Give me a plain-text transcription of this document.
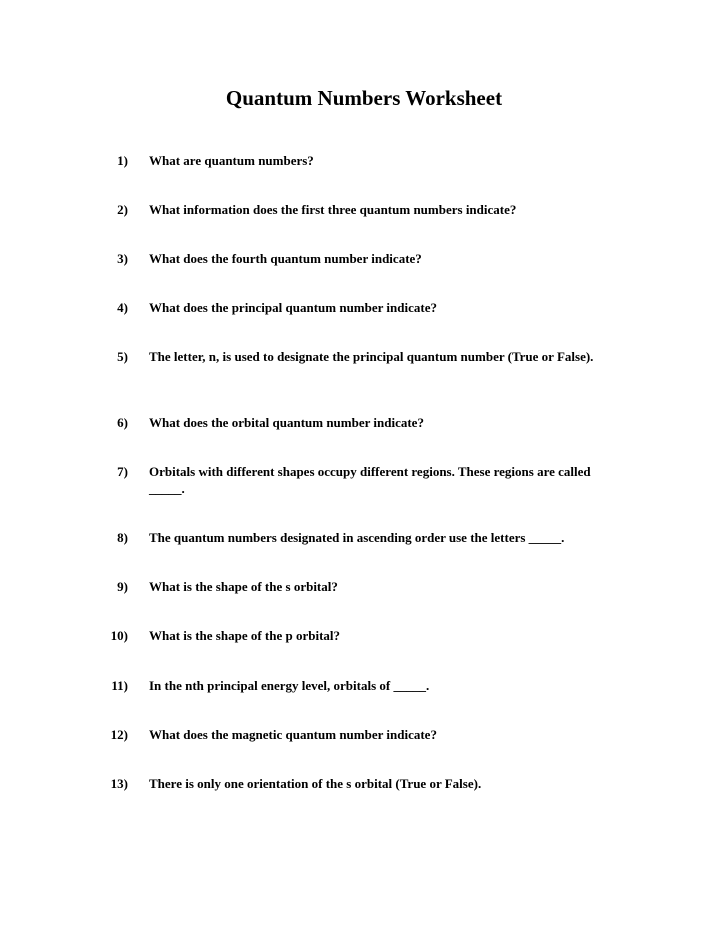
Quantum Numbers Worksheet
1) What are quantum numbers?
2) What information does the first three quantum numbers indicate?
3) What does the fourth quantum number indicate?
4) What does the principal quantum number indicate?
5) The letter, n, is used to designate the principal quantum number (True or False).
6) What does the orbital quantum number indicate?
7) Orbitals with different shapes occupy different regions. These regions are called _____.
8) The quantum numbers designated in ascending order use the letters _____.
9) What is the shape of the s orbital?
10) What is the shape of the p orbital?
11) In the nth principal energy level, orbitals of _____.
12) What does the magnetic quantum number indicate?
13) There is only one orientation of the s orbital (True or False).
